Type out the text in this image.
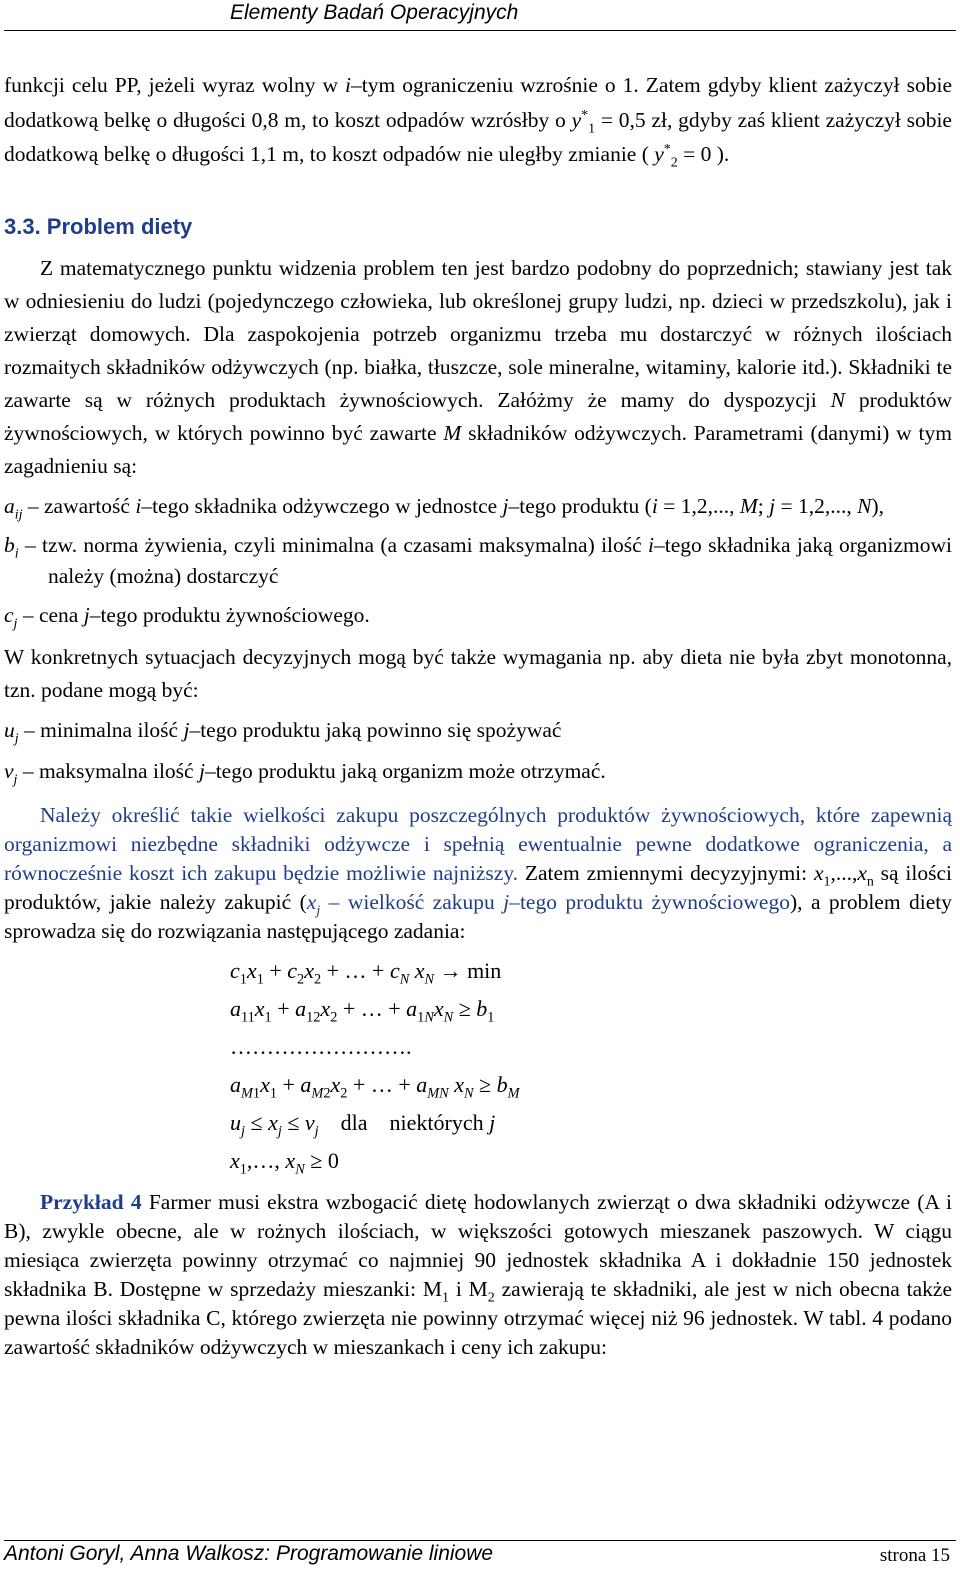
Elementy Badań Operacyjnych

funkcji celu PP, jeżeli wyraz wolny w i–tym ograniczeniu wzrośnie o 1. Zatem gdyby klient zażyczył sobie dodatkową belkę o długości 0,8 m, to koszt odpadów wzrósłby o $y^*_1 = 0,5$ zł, gdyby zaś klient zażyczył sobie dodatkową belkę o długości 1,1 m, to koszt odpadów nie uległby zmianie ( $y^*_2 = 0$ ).

3.3. Problem diety

Z matematycznego punktu widzenia problem ten jest bardzo podobny do poprzednich; stawiany jest tak w odniesieniu do ludzi (pojedynczego człowieka, lub określonej grupy ludzi, np. dzieci w przedszkolu), jak i zwierząt domowych. Dla zaspokojenia potrzeb organizmu trzeba mu dostarczyć w różnych ilościach rozmaitych składników odżywczych (np. białka, tłuszcze, sole mineralne, witaminy, kalorie itd.). Składniki te zawarte są w różnych produktach żywnościowych. Załóżmy że mamy do dyspozycji N produktów żywnościowych, w których powinno być zawarte M składników odżywczych. Parametrami (danymi) w tym zagadnieniu są:

$a_{ij}$ – zawartość i–tego składnika odżywczego w jednostce j–tego produktu (i = 1,2,..., M; j = 1,2,..., N),
$b_i$ – tzw. norma żywienia, czyli minimalna (a czasami maksymalna) ilość i–tego składnika jaką organizmowi należy (można) dostarczyć
$c_j$ – cena j–tego produktu żywnościowego.

W konkretnych sytuacjach decyzyjnych mogą być także wymagania np. aby dieta nie była zbyt monotonna, tzn. podane mogą być:

$u_j$ – minimalna ilość j–tego produktu jaką powinno się spożywać
$v_j$ – maksymalna ilość j–tego produktu jaką organizm może otrzymać.

Należy określić takie wielkości zakupu poszczególnych produktów żywnościowych, które zapewnią organizmowi niezbędne składniki odżywcze i spełnią ewentualnie pewne dodatkowe ograniczenia, a równocześnie koszt ich zakupu będzie możliwie najniższy. Zatem zmiennymi decyzyjnymi: $x_1,...,x_n$ są ilości produktów, jakie należy zakupić ($x_j$ – wielkość zakupu j–tego produktu żywnościowego), a problem diety sprowadza się do rozwiązania następującego zadania:

$c_1x_1 + c_2x_2$ + … + $c_N$ $x_N \to \min$
$a_{11}x_1 + a_{12}x_2$ + … + $a_{1N}x_N \ge b_1$
…………………….
$a_{M1}x_1 + a_{M2}x_2$ + … + $a_{MN}$ $x_N \ge b_M$
$u_j \le x_j \le v_j$ dla niektórych j
$x_1,\dots$, $x_N \ge 0$

Przykład 4 Farmer musi ekstra wzbogacić dietę hodowlanych zwierząt o dwa składniki odżywcze (A i B), zwykle obecne, ale w rożnych ilościach, w większości gotowych mieszanek paszowych. W ciągu miesiąca zwierzęta powinny otrzymać co najmniej 90 jednostek składnika A i dokładnie 150 jednostek składnika B. Dostępne w sprzedaży mieszanki: $M_1$ i $M_2$ zawierają te składniki, ale jest w nich obecna także pewna ilości składnika C, którego zwierzęta nie powinny otrzymać więcej niż 96 jednostek. W tabl. 4 podano zawartość składników odżywczych w mieszankach i ceny ich zakupu:

Antoni Goryl, Anna Walkosz: Programowanie liniowe	strona 15
